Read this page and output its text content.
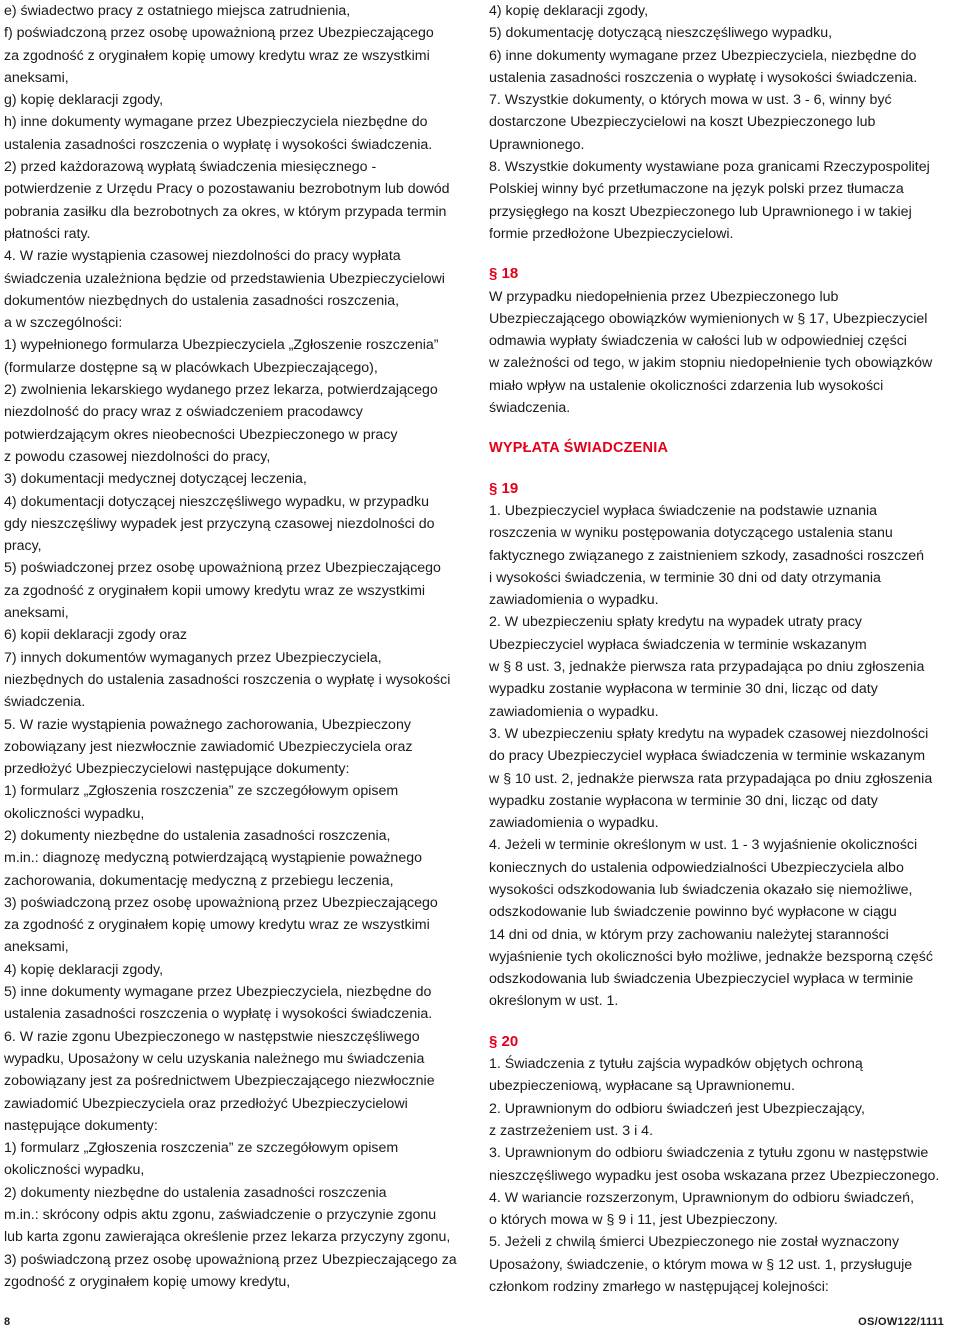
e) świadectwo pracy z ostatniego miejsca zatrudnienia,
f) poświadczoną przez osobę upoważnioną przez Ubezpieczającego
za zgodność z oryginałem kopię umowy kredytu wraz ze wszystkimi
aneksami,
g) kopię deklaracji zgody,
h) inne dokumenty wymagane przez Ubezpieczyciela niezbędne do
ustalenia zasadności roszczenia o wypłatę i wysokości świadczenia.
2) przed każdorazową wypłatą świadczenia miesięcznego -
potwierdzenie z Urzędu Pracy o pozostawaniu bezrobotnym lub dowód
pobrania zasiłku dla bezrobotnych za okres, w którym przypada termin
płatności raty.
4. W razie wystąpienia czasowej niezdolności do pracy wypłata
świadczenia uzależniona będzie od przedstawienia Ubezpieczycielowi
dokumentów niezbędnych do ustalenia zasadności roszczenia,
a w szczególności:
1) wypełnionego formularza Ubezpieczyciela „Zgłoszenie roszczenia”
(formularze dostępne są w placówkach Ubezpieczającego),
2) zwolnienia lekarskiego wydanego przez lekarza, potwierdzającego
niezdolność do pracy wraz z oświadczeniem pracodawcy
potwierdzającym okres nieobecności Ubezpieczonego w pracy
z powodu czasowej niezdolności do pracy,
3) dokumentacji medycznej dotyczącej leczenia,
4) dokumentacji dotyczącej nieszczęśliwego wypadku, w przypadku
gdy nieszczęśliwy wypadek jest przyczyną czasowej niezdolności do
pracy,
5) poświadczonej przez osobę upoważnioną przez Ubezpieczającego
za zgodność z oryginałem kopii umowy kredytu wraz ze wszystkimi
aneksami,
6) kopii deklaracji zgody oraz
7) innych dokumentów wymaganych przez Ubezpieczyciela,
niezbędnych do ustalenia zasadności roszczenia o wypłatę i wysokości
świadczenia.
5. W razie wystąpienia poważnego zachorowania, Ubezpieczony
zobowiązany jest niezwłocznie zawiadomić Ubezpieczyciela oraz
przedłożyć Ubezpieczycielowi następujące dokumenty:
1) formularz „Zgłoszenia roszczenia” ze szczegółowym opisem
okoliczności wypadku,
2) dokumenty niezbędne do ustalenia zasadności roszczenia,
m.in.: diagnozę medyczną potwierdzającą wystąpienie poważnego
zachorowania, dokumentację medyczną z przebiegu leczenia,
3) poświadczoną przez osobę upoważnioną przez Ubezpieczającego
za zgodność z oryginałem kopię umowy kredytu wraz ze wszystkimi
aneksami,
4) kopię deklaracji zgody,
5) inne dokumenty wymagane przez Ubezpieczyciela, niezbędne do
ustalenia zasadności roszczenia o wypłatę i wysokości świadczenia.
6. W razie zgonu Ubezpieczonego w następstwie nieszczęśliwego
wypadku, Uposażony w celu uzyskania należnego mu świadczenia
zobowiązany jest za pośrednictwem Ubezpieczającego niezwłocznie
zawiadomić Ubezpieczyciela oraz przedłożyć Ubezpieczycielowi
następujące dokumenty:
1) formularz „Zgłoszenia roszczenia” ze szczegółowym opisem
okoliczności wypadku,
2) dokumenty niezbędne do ustalenia zasadności roszczenia
m.in.: skrócony odpis aktu zgonu, zaświadczenie o przyczynie zgonu
lub karta zgonu zawierająca określenie przez lekarza przyczyny zgonu,
3) poświadczoną przez osobę upoważnioną przez Ubezpieczającego za
zgodność z oryginałem kopię umowy kredytu,
4) kopię deklaracji zgody,
5) dokumentację dotyczącą nieszczęśliwego wypadku,
6) inne dokumenty wymagane przez Ubezpieczyciela, niezbędne do
ustalenia zasadności roszczenia o wypłatę i wysokości świadczenia.
7. Wszystkie dokumenty, o których mowa w ust. 3 - 6, winny być
dostarczone Ubezpieczycielowi na koszt Ubezpieczonego lub
Uprawnionego.
8. Wszystkie dokumenty wystawiane poza granicami Rzeczypospolitej
Polskiej winny być przetłumaczone na język polski przez tłumacza
przysięgłego na koszt Ubezpieczonego lub Uprawnionego i w takiej
formie przedłożone Ubezpieczycielowi.
§ 18
W przypadku niedopełnienia przez Ubezpieczonego lub
Ubezpieczającego obowiązków wymienionych w § 17, Ubezpieczyciel
odmawia wypłaty świadczenia w całości lub w odpowiedniej części
w zależności od tego, w jakim stopniu niedopełnienie tych obowiązków
miało wpływ na ustalenie okoliczności zdarzenia lub wysokości
świadczenia.
WYPŁATA ŚWIADCZENIA
§ 19
1. Ubezpieczyciel wypłaca świadczenie na podstawie uznania
roszczenia w wyniku postępowania dotyczącego ustalenia stanu
faktycznego związanego z zaistnieniem szkody, zasadności roszczeń
i wysokości świadczenia, w terminie 30 dni od daty otrzymania
zawiadomienia o wypadku.
2. W ubezpieczeniu spłaty kredytu na wypadek utraty pracy
Ubezpieczyciel wypłaca świadczenia w terminie wskazanym
w § 8 ust. 3, jednakże pierwsza rata przypadająca po dniu zgłoszenia
wypadku zostanie wypłacona w terminie 30 dni, licząc od daty
zawiadomienia o wypadku.
3. W ubezpieczeniu spłaty kredytu na wypadek czasowej niezdolności
do pracy Ubezpieczyciel wypłaca świadczenia w terminie wskazanym
w § 10 ust. 2, jednakże pierwsza rata przypadająca po dniu zgłoszenia
wypadku zostanie wypłacona w terminie 30 dni, licząc od daty
zawiadomienia o wypadku.
4. Jeżeli w terminie określonym w ust. 1 - 3 wyjaśnienie okoliczności
koniecznych do ustalenia odpowiedzialności Ubezpieczyciela albo
wysokości odszkodowania lub świadczenia okazało się niemożliwe,
odszkodowanie lub świadczenie powinno być wypłacone w ciągu
14 dni od dnia, w którym przy zachowaniu należytej staranności
wyjaśnienie tych okoliczności było możliwe, jednakże bezsporną część
odszkodowania lub świadczenia Ubezpieczyciel wypłaca w terminie
określonym w ust. 1.
§ 20
1. Świadczenia z tytułu zajścia wypadków objętych ochroną
ubezpieczeniową, wypłacane są Uprawnionemu.
2. Uprawnionym do odbioru świadczeń jest Ubezpieczający,
z zastrzeżeniem ust. 3 i 4.
3. Uprawnionym do odbioru świadczenia z tytułu zgonu w następstwie
nieszczęśliwego wypadku jest osoba wskazana przez Ubezpieczonego.
4. W wariancie rozszerzonym, Uprawnionym do odbioru świadczeń,
o których mowa w § 9 i 11, jest Ubezpieczony.
5. Jeżeli z chwilą śmierci Ubezpieczonego nie został wyznaczony
Uposażony, świadczenie, o którym mowa w § 12 ust. 1, przysługuje
członkom rodziny zmarłego w następującej kolejności:
8	OS/OW122/1111
